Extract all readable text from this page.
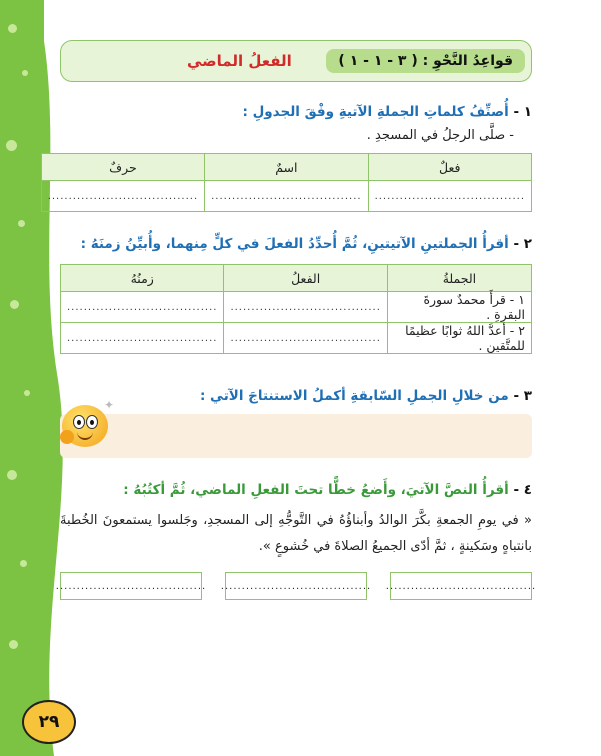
٢٩
قواعِدُ النَّحْوِ : ( ٣ - ١ - ١ )
الفعلُ الماضي

١ - أُصنِّفُ كلماتِ الجملةِ الآتيةِ وفْقَ الجدولِ :

- صلَّى الرجلُ في المسجدِ .

فعلٌ	اسمٌ	حرفٌ
....................................	....................................	....................................

٢ - أقرأُ الجملتينِ الآتيتينِ، ثُمَّ أُحدِّدُ الفعلَ في كلٍّ مِنهما، وأُبيِّنُ زمنَهُ :

الجملةُ	الفعلُ	زمنُهُ
١ - قرأَ محمدٌ سورةَ البقرةِ .	....................................	....................................
٢ - أعدَّ اللهُ ثوابًا عظيمًا للمتَّقين .	....................................	....................................

٣ - من خلالِ الجملِ السّابقةِ أكملُ الاستنتاجَ الآتي :

٤ - أقرأُ النصَّ الآتيَ، وأَضعُ خطًّا تحتَ الفعلِ الماضي، ثُمَّ أكتُبُهُ :

« في يومِ الجمعةِ بكَّرَ الوالدُ وأبناؤُهُ في التَّوجُّهِ إلى المسجدِ، وجَلسوا يستمعونَ الخُطبةَ بانتباهٍ وسَكينةٍ ، ثمَّ أدّى الجميعُ الصلاةَ في خُشوعٍ ».

....................................
....................................
....................................
✦
